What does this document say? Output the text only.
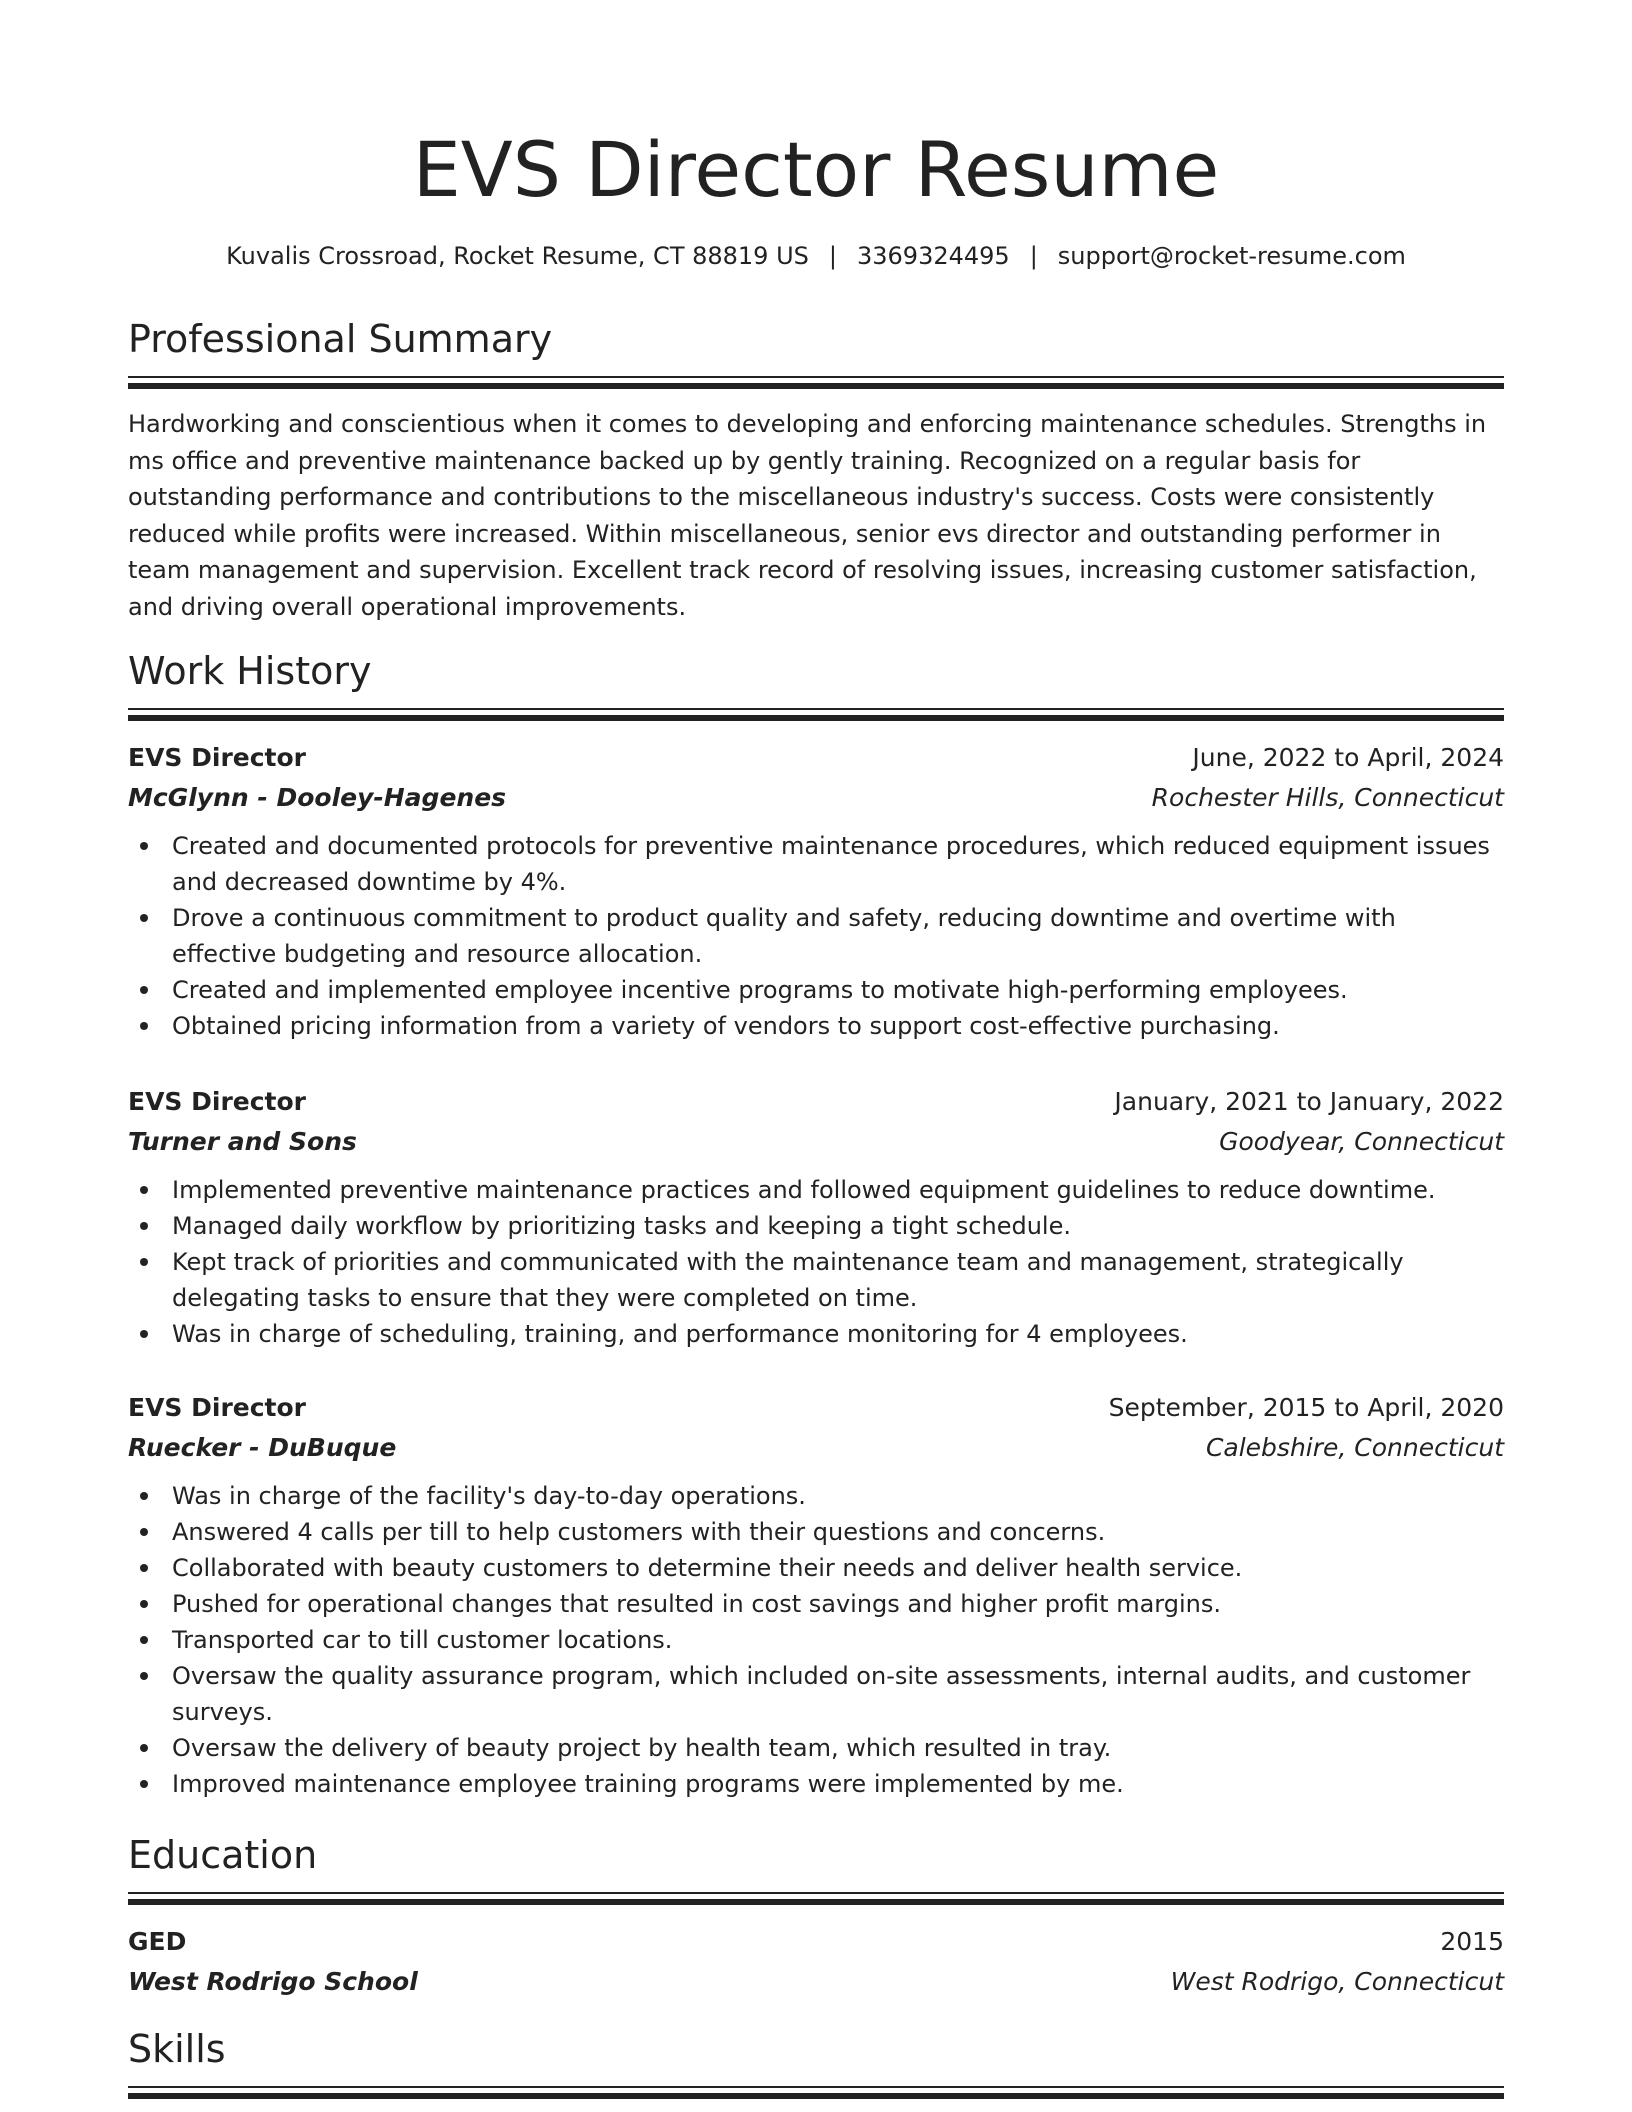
EVS Director Resume
Kuvalis Crossroad, Rocket Resume, CT 88819 US | 3369324495 | support@rocket-resume.com
Professional Summary
Hardworking and conscientious when it comes to developing and enforcing maintenance schedules. Strengths in ms office and preventive maintenance backed up by gently training. Recognized on a regular basis for outstanding performance and contributions to the miscellaneous industry's success. Costs were consistently reduced while profits were increased. Within miscellaneous, senior evs director and outstanding performer in team management and supervision. Excellent track record of resolving issues, increasing customer satisfaction, and driving overall operational improvements.
Work History
EVS Director	June, 2022 to April, 2024
McGlynn - Dooley-Hagenes	Rochester Hills, Connecticut
Created and documented protocols for preventive maintenance procedures, which reduced equipment issues and decreased downtime by 4%.
Drove a continuous commitment to product quality and safety, reducing downtime and overtime with effective budgeting and resource allocation.
Created and implemented employee incentive programs to motivate high-performing employees.
Obtained pricing information from a variety of vendors to support cost-effective purchasing.
EVS Director	January, 2021 to January, 2022
Turner and Sons	Goodyear, Connecticut
Implemented preventive maintenance practices and followed equipment guidelines to reduce downtime.
Managed daily workflow by prioritizing tasks and keeping a tight schedule.
Kept track of priorities and communicated with the maintenance team and management, strategically delegating tasks to ensure that they were completed on time.
Was in charge of scheduling, training, and performance monitoring for 4 employees.
EVS Director	September, 2015 to April, 2020
Ruecker - DuBuque	Calebshire, Connecticut
Was in charge of the facility's day-to-day operations.
Answered 4 calls per till to help customers with their questions and concerns.
Collaborated with beauty customers to determine their needs and deliver health service.
Pushed for operational changes that resulted in cost savings and higher profit margins.
Transported car to till customer locations.
Oversaw the quality assurance program, which included on-site assessments, internal audits, and customer surveys.
Oversaw the delivery of beauty project by health team, which resulted in tray.
Improved maintenance employee training programs were implemented by me.
Education
GED	2015
West Rodrigo School	West Rodrigo, Connecticut
Skills
